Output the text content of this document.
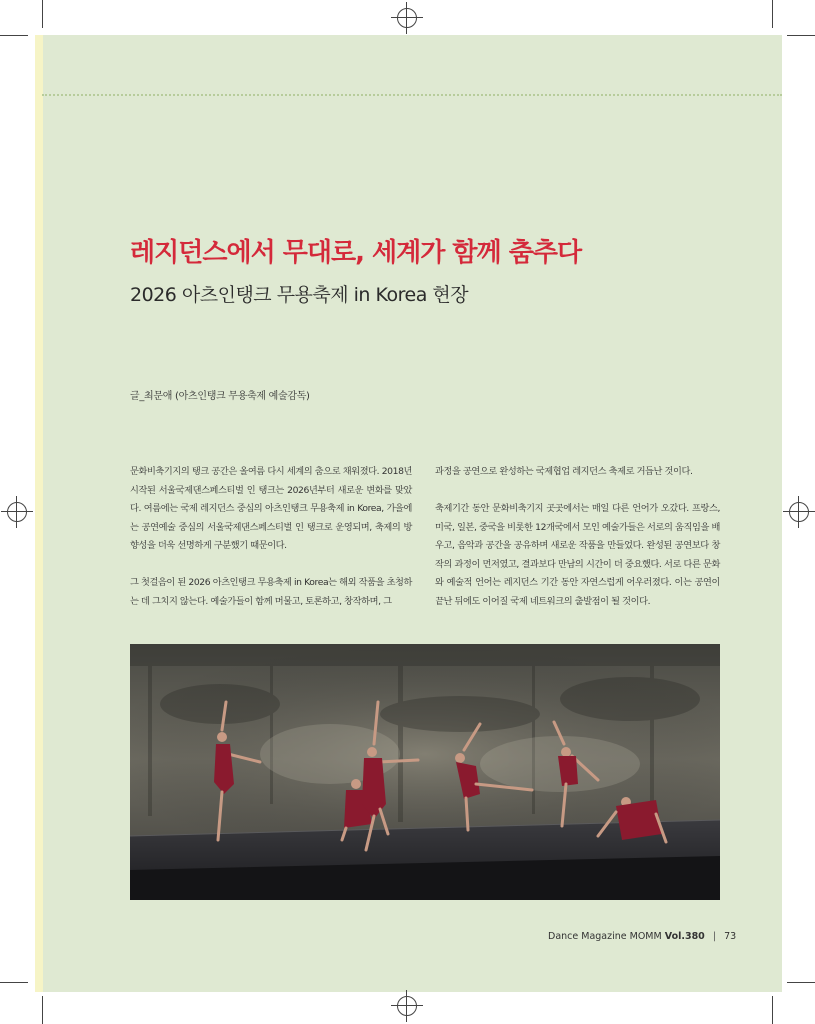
레지던스에서 무대로, 세계가 함께 춤추다
2026 아츠인탱크 무용축제 in Korea 현장
글_최문애 (아츠인탱크 무용축제 예술감독)

문화비축기지의 탱크 공간은 올여름 다시 세계의 춤으로 채워졌다. 2018년 시작된 서울국제댄스페스티벌 인 탱크는 2026년부터 새로운 변화를 맞았다. 여름에는 국제 레지던스 중심의 아츠인탱크 무용축제 in Korea, 가을에는 공연예술 중심의 서울국제댄스페스티벌 인 탱크로 운영되며, 축제의 방향성을 더욱 선명하게 구분했기 때문이다.

그 첫걸음이 된 2026 아츠인탱크 무용축제 in Korea는 해외 작품을 초청하는 데 그치지 않는다. 예술가들이 함께 머물고, 토론하고, 창작하며, 그

과정을 공연으로 완성하는 국제협업 레지던스 축제로 거듭난 것이다.

축제기간 동안 문화비축기지 곳곳에서는 매일 다른 언어가 오갔다. 프랑스, 미국, 일본, 중국을 비롯한 12개국에서 모인 예술가들은 서로의 움직임을 배우고, 음악과 공간을 공유하며 새로운 작품을 만들었다. 완성된 공연보다 창작의 과정이 먼저였고, 결과보다 만남의 시간이 더 중요했다. 서로 다른 문화와 예술적 언어는 레지던스 기간 동안 자연스럽게 어우러졌다. 이는 공연이 끝난 뒤에도 이어질 국제 네트워크의 출발점이 될 것이다.

Dance Magazine MOMM Vol.380 | 73
